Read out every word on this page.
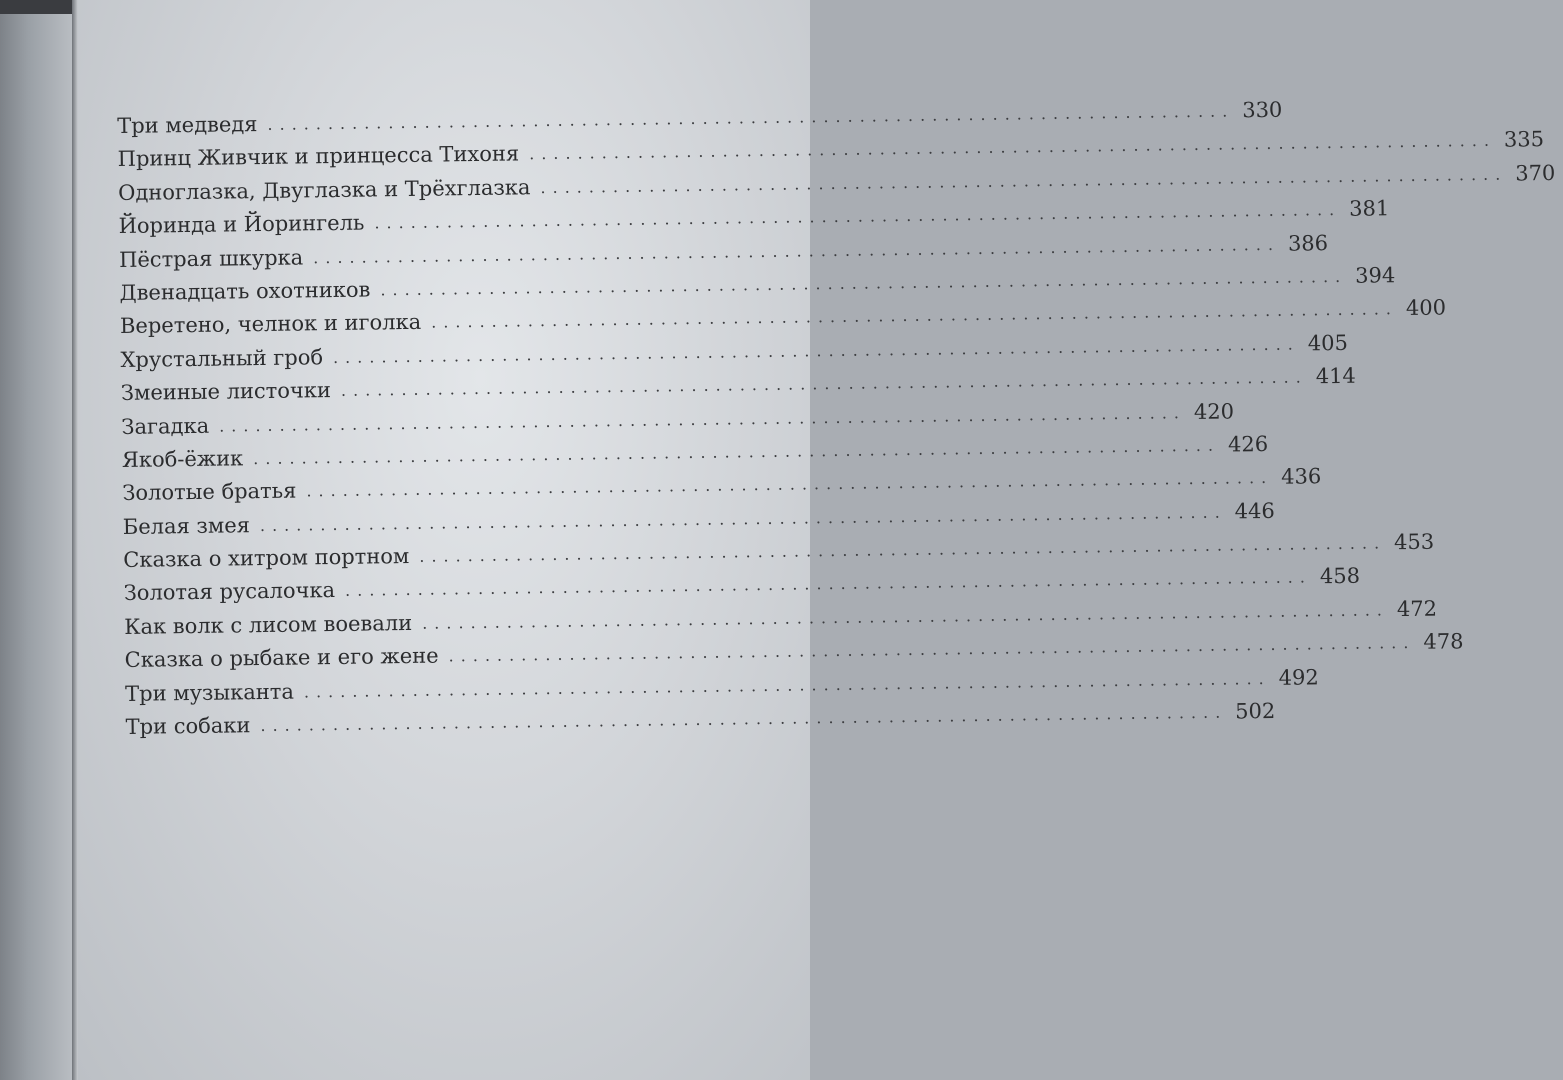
Три медведя ................................................................................ 330
Принц Живчик и принцесса Тихоня ................................................................................ 335
Одноглазка, Двуглазка и Трёхглазка ................................................................................ 370
Йоринда и Йорингель ................................................................................ 381
Пёстрая шкурка ................................................................................ 386
Двенадцать охотников ................................................................................ 394
Веретено, челнок и иголка ................................................................................ 400
Хрустальный гроб ................................................................................ 405
Змеиные листочки ................................................................................ 414
Загадка ................................................................................ 420
Якоб-ёжик ................................................................................ 426
Золотые братья ................................................................................ 436
Белая змея ................................................................................ 446
Сказка о хитром портном ................................................................................ 453
Золотая русалочка ................................................................................ 458
Как волк с лисом воевали ................................................................................ 472
Сказка о рыбаке и его жене ................................................................................ 478
Три музыканта ................................................................................ 492
Три собаки ................................................................................ 502
